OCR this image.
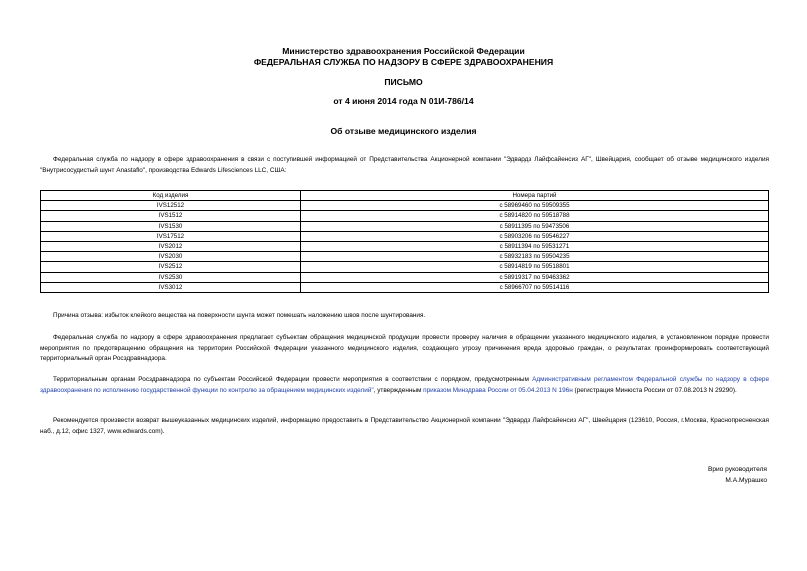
Министерство здравоохранения Российской Федерации
ФЕДЕРАЛЬНАЯ СЛУЖБА ПО НАДЗОРУ В СФЕРЕ ЗДРАВООХРАНЕНИЯ
ПИСЬМО
от 4 июня 2014 года N 01И-786/14
Об отзыве медицинского изделия

Федеральная служба по надзору в сфере здравоохранения в связи с поступившей информацией от Представительства Акционерной компании "Эдвардз Лайфсайенсиз АГ", Швейцария, сообщает об отзыве медицинского изделия "Внутрисосудистый шунт Anastaflo", производства Edwards Lifesciences LLC, США:

Код изделия	Номера партий
IVS12512	с 58969460 по 59509355
IVS1512	с 58914820 по 59518788
IVS1530	с 58911395 по 59473506
IVS17512	с 58903206 по 59546227
IVS2012	с 58911394 по 59531271
IVS2030	с 58932183 по 59504235
IVS2512	с 58914819 по 59518801
IVS2530	с 58919317 по 59463362
IVS3012	с 58966707 по 59514116

Причина отзыва: избыток клейкого вещества на поверхности шунта может помешать наложению швов после шунтирования.

Федеральная служба по надзору в сфере здравоохранения предлагает субъектам обращения медицинской продукции провести проверку наличия в обращении указанного медицинского изделия, в установленном порядке провести мероприятия по предотвращению обращения на территории Российской Федерации указанного медицинского изделия, создающего угрозу причинения вреда здоровью граждан, о результатах проинформировать соответствующий территориальный орган Росздравнадзора.

Территориальным органам Росздравнадзора по субъектам Российской Федерации провести мероприятия в соответствии с порядком, предусмотренным Административным регламентом Федеральной службы по надзору в сфере здравоохранения по исполнению государственной функции по контролю за обращением медицинских изделий", утвержденным приказом Минздрава России от 05.04.2013 N 196н (регистрация Минюста России от 07.08.2013 N 29290).

Рекомендуется произвести возврат вышеуказанных медицинских изделий, информацию предоставить в Представительство Акционерной компании "Эдвардз Лайфсайенсиз АГ", Швейцария (123610, Россия, г.Москва, Краснопресненская наб., д.12, офис 1327, www.edwards.com).

Врио руководителя
М.А.Мурашко
